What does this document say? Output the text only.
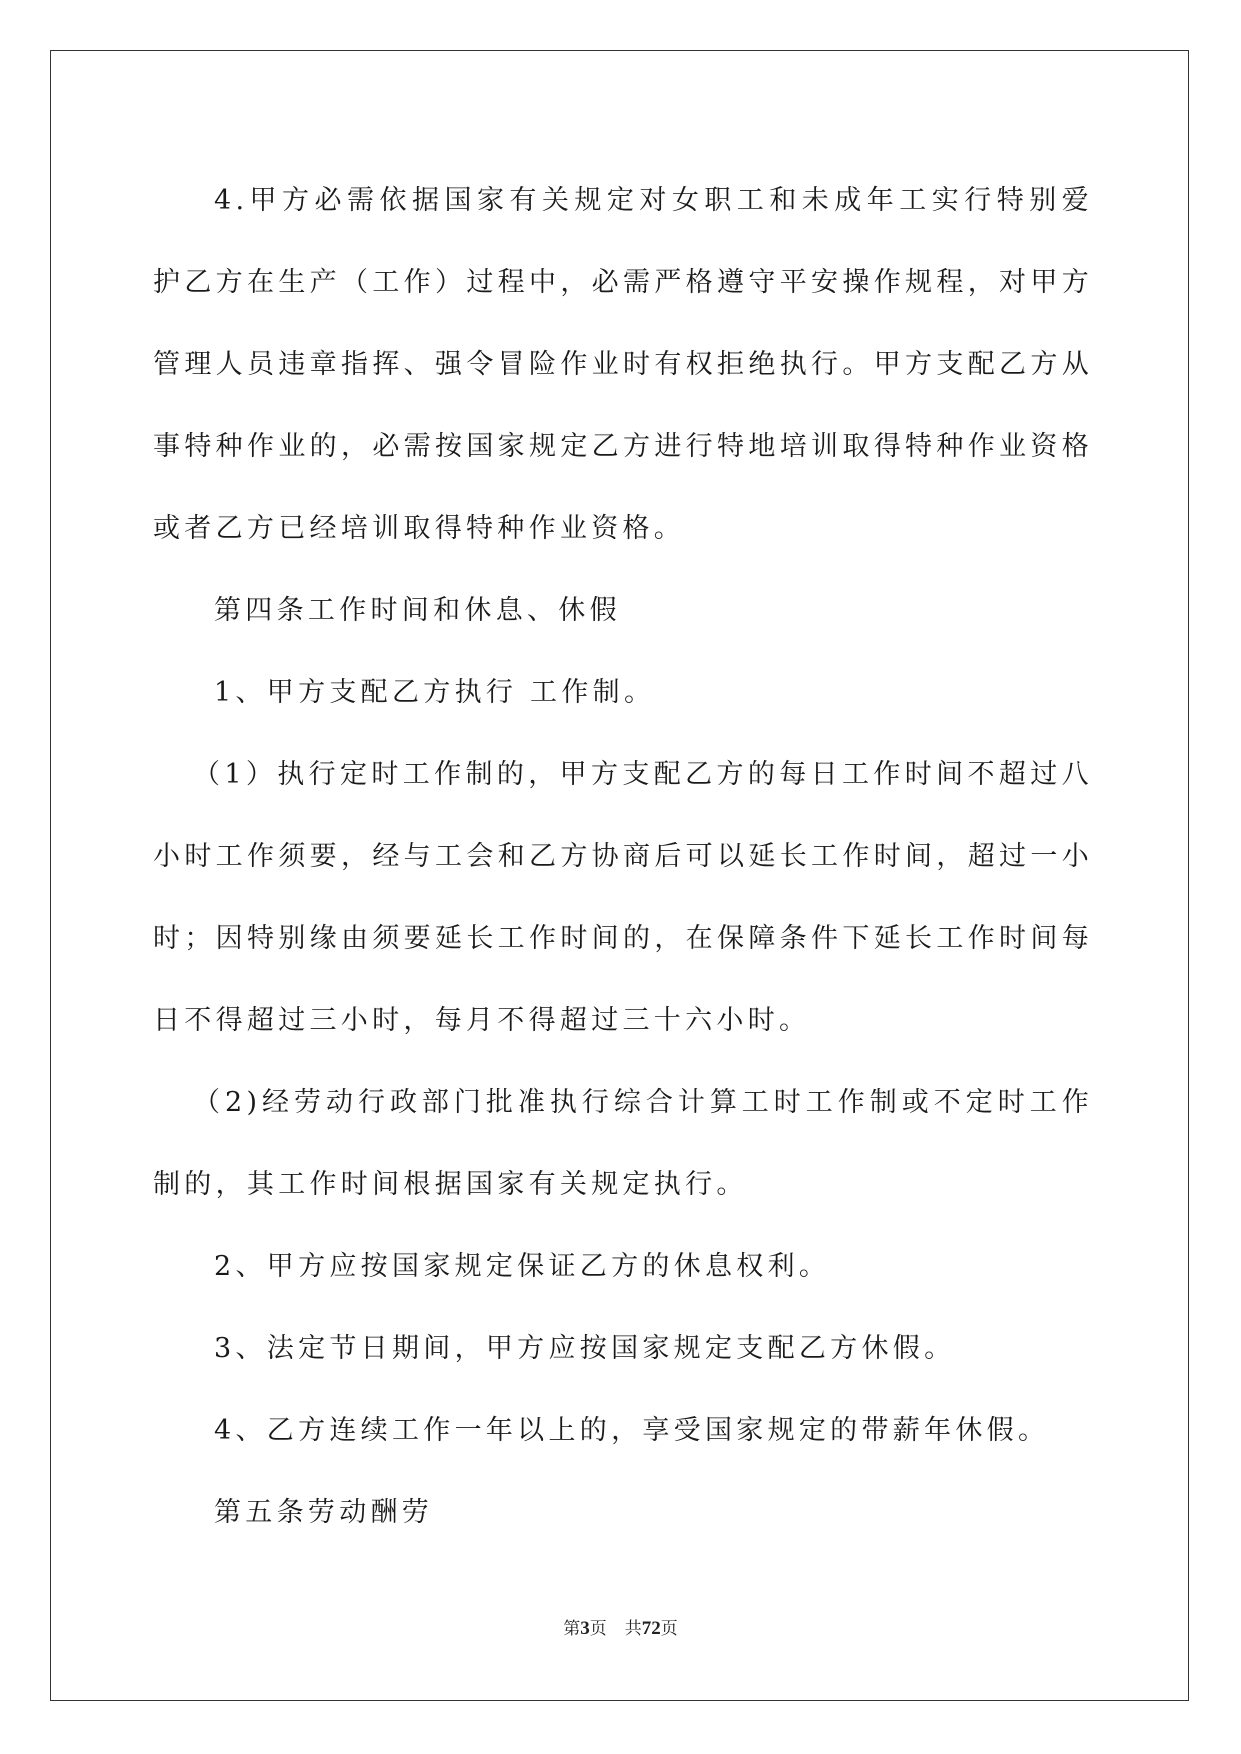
4.甲方必需依据国家有关规定对女职工和未成年工实行特别爱护乙方在生产（工作）过程中，必需严格遵守平安操作规程，对甲方管理人员违章指挥、强令冒险作业时有权拒绝执行。甲方支配乙方从事特种作业的，必需按国家规定乙方进行特地培训取得特种作业资格或者乙方已经培训取得特种作业资格。

第四条工作时间和休息、休假

1、甲方支配乙方执行 工作制。

（1）执行定时工作制的，甲方支配乙方的每日工作时间不超过八小时工作须要，经与工会和乙方协商后可以延长工作时间，超过一小时；因特别缘由须要延长工作时间的，在保障条件下延长工作时间每日不得超过三小时，每月不得超过三十六小时。

（2)经劳动行政部门批准执行综合计算工时工作制或不定时工作制的，其工作时间根据国家有关规定执行。

2、甲方应按国家规定保证乙方的休息权利。

3、法定节日期间，甲方应按国家规定支配乙方休假。

4、乙方连续工作一年以上的，享受国家规定的带薪年休假。

第五条劳动酬劳

第3页 共72页
